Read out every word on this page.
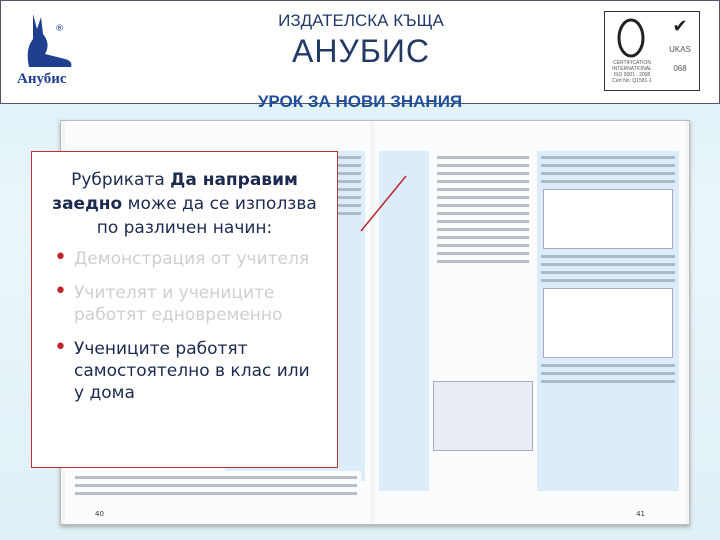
®
Анубис
ИЗДАТЕЛСКА КЪЩА
АНУБИС	CERTIFICATION
INTERNATIONAL
ISO 9001 : 2008
Cert No: Q1581-1
✔
UKAS
068
УРОК ЗА НОВИ ЗНАНИЯ
40	41
Рубриката Да направим заедно може да се използва по различен начин:
• Демонстрация от учителя
• Учителят и учениците работят едновременно
• Учениците работят самостоятелно в клас или у дома
